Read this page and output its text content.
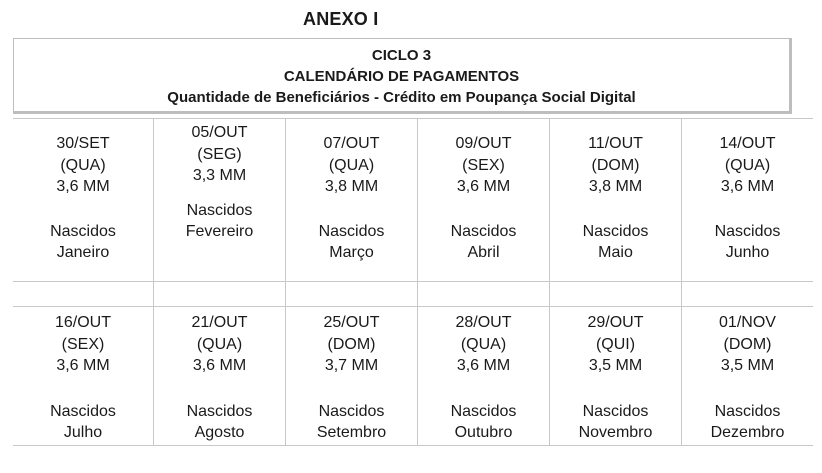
ANEXO I
CICLO 3
CALENDÁRIO DE PAGAMENTOS
Quantidade de Beneficiários - Crédito em Poupança Social Digital
30/SET
(QUA)
3,6 MM
Nascidos
Janeiro
05/OUT
(SEG)
3,3 MM
Nascidos
Fevereiro
07/OUT
(QUA)
3,8 MM
Nascidos
Março
09/OUT
(SEX)
3,6 MM
Nascidos
Abril
11/OUT
(DOM)
3,8 MM
Nascidos
Maio
14/OUT
(QUA)
3,6 MM
Nascidos
Junho
16/OUT
(SEX)
3,6 MM
Nascidos
Julho
21/OUT
(QUA)
3,6 MM
Nascidos
Agosto
25/OUT
(DOM)
3,7 MM
Nascidos
Setembro
28/OUT
(QUA)
3,6 MM
Nascidos
Outubro
29/OUT
(QUI)
3,5 MM
Nascidos
Novembro
01/NOV
(DOM)
3,5 MM
Nascidos
Dezembro
